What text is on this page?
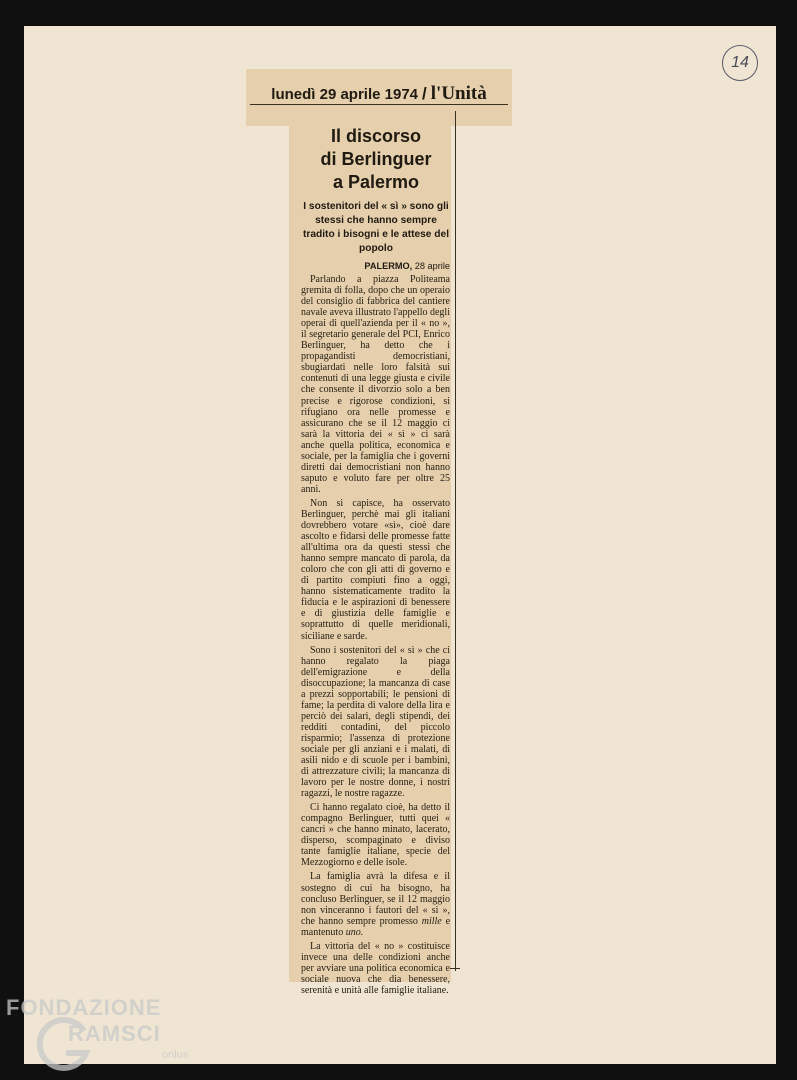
14
lunedì 29 aprile 1974 / l'Unità
Il discorso
di Berlinguer
a Palermo
I sostenitori del « sì » sono gli stessi che hanno sempre tradito i bisogni e le attese del popolo
PALERMO, 28 aprile

Parlando a piazza Politeama gremita di folla, dopo che un operaio del consiglio di fabbrica del cantiere navale aveva illustrato l'appello degli operai di quell'azienda per il « no », il segretario generale del PCI, Enrico Berlinguer, ha detto che i propagandisti democristiani, sbugiardati nelle loro falsità sui contenuti di una legge giusta e civile che consente il divorzio solo a ben precise e rigorose condizioni, si rifugiano ora nelle promesse e assicurano che se il 12 maggio ci sarà la vittoria dei « sì » ci sarà anche quella politica, economica e sociale, per la famiglia che i governi diretti dai democristiani non hanno saputo e voluto fare per oltre 25 anni.

Non si capisce, ha osservato Berlinguer, perchè mai gli italiani dovrebbero votare «sì», cioè dare ascolto e fidarsi delle promesse fatte all'ultima ora da questi stessi che hanno sempre mancato di parola, da coloro che con gli atti di governo e di partito compiuti fino a oggi, hanno sistematicamente tradito la fiducia e le aspirazioni di benessere e di giustizia delle famiglie e soprattutto di quelle meridionali, siciliane e sarde.

Sono i sostenitori del « sì » che ci hanno regalato la piaga dell'emigrazione e della disoccupazione; la mancanza di case a prezzi sopportabili; le pensioni di fame; la perdita di valore della lira e perciò dei salari, degli stipendi, dei redditi contadini, del piccolo risparmio; l'assenza di protezione sociale per gli anziani e i malati, di asili nido e di scuole per i bambini, di attrezzature civili; la mancanza di lavoro per le nostre donne, i nostri ragazzi, le nostre ragazze.

Ci hanno regalato cioè, ha detto il compagno Berlinguer, tutti quei « cancri » che hanno minato, lacerato, disperso, scompaginato e diviso tante famiglie italiane, specie del Mezzogiorno e delle isole.

La famiglia avrà la difesa e il sostegno di cui ha bisogno, ha concluso Berlinguer, se il 12 maggio non vinceranno i fautori del « sì », che hanno sempre promesso mille e mantenuto uno.

La vittoria del « no » costituisce invece una delle condizioni anche per avviare una politica economica e sociale nuova che dia benessere, serenità e unità alle famiglie italiane.

FONDAZIONE
RAMSCI
onlus
